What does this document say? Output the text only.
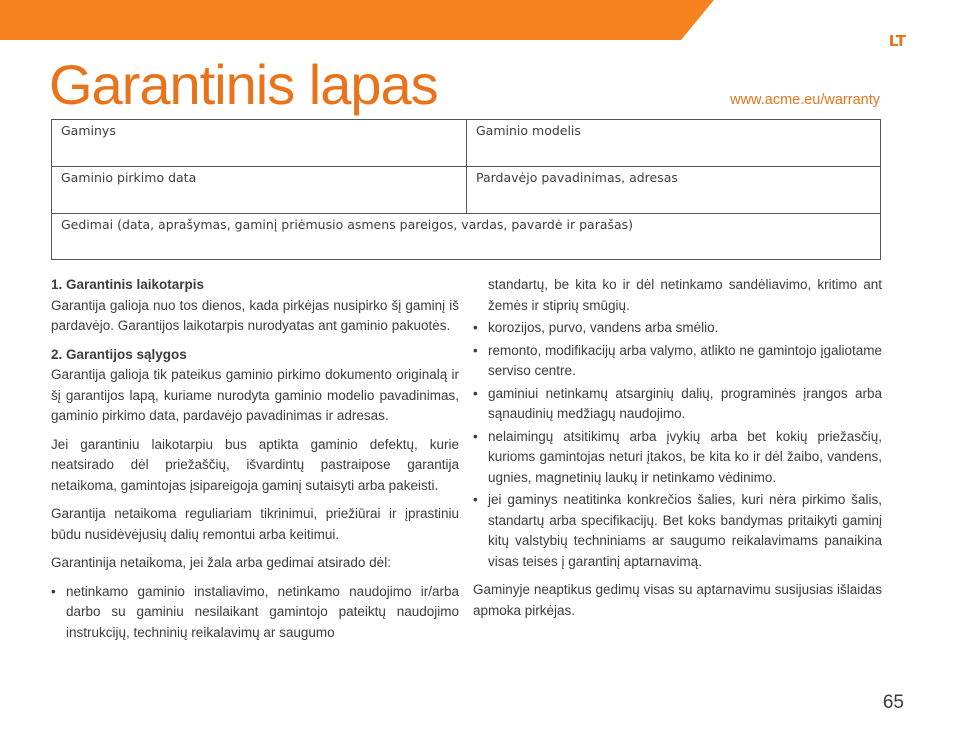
LT
Garantinis lapas	www.acme.eu/warranty
Gaminys	Gaminio modelis
Gaminio pirkimo data	Pardavėjo pavadinimas, adresas
Gedimai (data, aprašymas, gaminį priėmusio asmens pareigos, vardas, pavardė ir parašas)
1. Garantinis laikotarpis

Garantija galioja nuo tos dienos, kada pirkėjas nusipirko šį gaminį iš pardavėjo. Garantijos laikotarpis nurodyatas ant gaminio pakuotės.

2. Garantijos sąlygos

Garantija galioja tik pateikus gaminio pirkimo dokumento originalą ir šį garantijos lapą, kuriame nurodyta gaminio modelio pavadinimas, gaminio pirkimo data, pardavėjo pavadinimas ir adresas.

Jei garantiniu laikotarpiu bus aptikta gaminio defektų, kurie neatsirado dėl priežaščių, išvardintų pastraipose garantija netaikoma, gamintojas įsipareigoja gaminį sutaisyti arba pakeisti.

Garantija netaikoma reguliariam tikrinimui, priežiūrai ir įprastiniu būdu nusidėvėjusių dalių remontui arba keitimui.

Garantinija netaikoma, jei žala arba gedimai atsirado dėl:

• netinkamo gaminio instaliavimo, netinkamo naudojimo ir/arba darbo su gaminiu nesilaikant gamintojo pateiktų naudojimo instrukcijų, techninių reikalavimų ar saugumo
standartų, be kita ko ir dėl netinkamo sandėliavimo, kritimo ant žemės ir stiprių smūgių.
• korozijos, purvo, vandens arba smėlio.
• remonto, modifikacijų arba valymo, atlikto ne gamintojo įgaliotame serviso centre.
• gaminiui netinkamų atsarginių dalių, programinės įrangos arba sąnaudinių medžiagų naudojimo.
• nelaimingų atsitikimų arba įvykių arba bet kokių priežasčių, kurioms gamintojas neturi įtakos, be kita ko ir dėl žaibo, vandens, ugnies, magnetinių laukų ir netinkamo vėdinimo.
• jei gaminys neatitinka konkrečios šalies, kuri nėra pirkimo šalis, standartų arba specifikacijų. Bet koks bandymas pritaikyti gaminį kitų valstybių techniniams ar saugumo reikalavimams panaikina visas teises į garantinį aptarnavimą.

Gaminyje neaptikus gedimų visas su aptarnavimu susijusias išlaidas apmoka pirkėjas.

65
